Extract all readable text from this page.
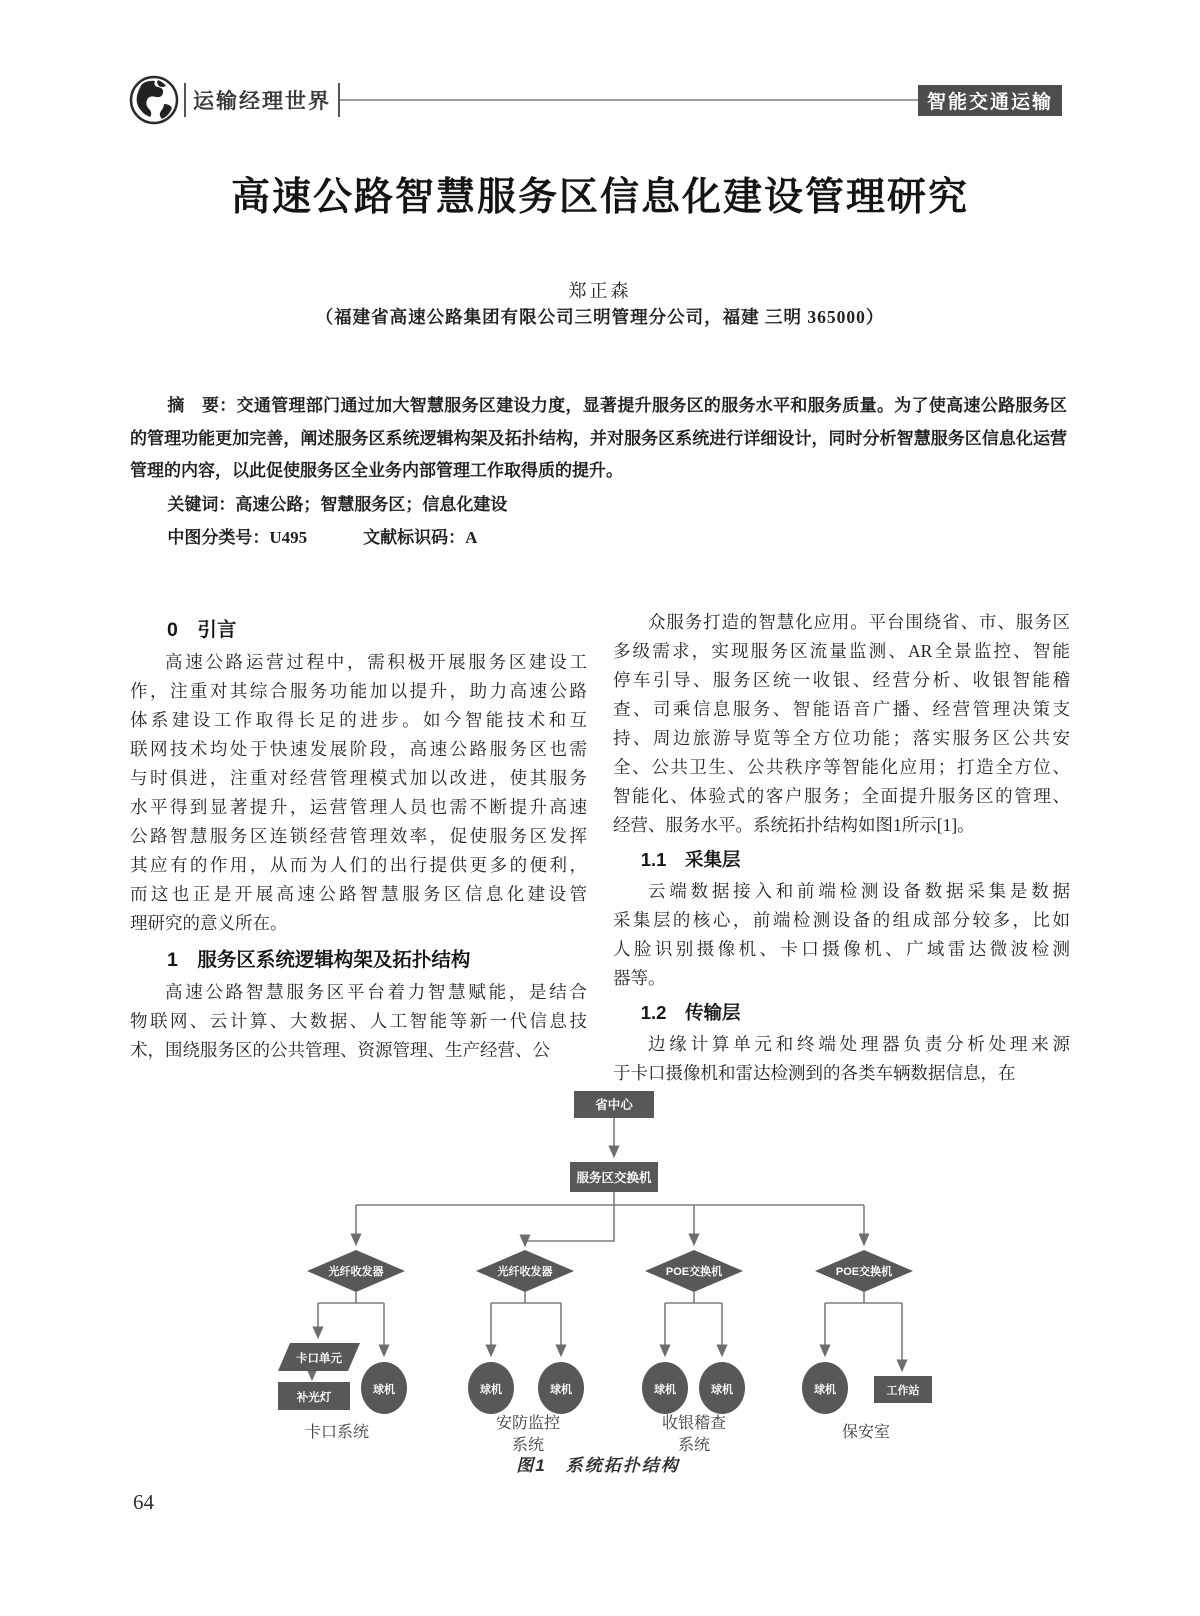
运输经理世界	智能交通运输
高速公路智慧服务区信息化建设管理研究
郑正森
（福建省高速公路集团有限公司三明管理分公司，福建 三明 365000）

摘　要：交通管理部门通过加大智慧服务区建设力度，显著提升服务区的服务水平和服务质量。为了使高速公路服务区的管理功能更加完善，阐述服务区系统逻辑构架及拓扑结构，并对服务区系统进行详细设计，同时分析智慧服务区信息化运营管理的内容，以此促使服务区全业务内部管理工作取得质的提升。

关键词：高速公路；智慧服务区；信息化建设

中图分类号：U495	文献标识码：A

0　引言
高速公路运营过程中，需积极开展服务区建设工
作，注重对其综合服务功能加以提升，助力高速公路
体系建设工作取得长足的进步。如今智能技术和互
联网技术均处于快速发展阶段，高速公路服务区也需
与时俱进，注重对经营管理模式加以改进，使其服务
水平得到显著提升，运营管理人员也需不断提升高速
公路智慧服务区连锁经营管理效率，促使服务区发挥
其应有的作用，从而为人们的出行提供更多的便利，
而这也正是开展高速公路智慧服务区信息化建设管
理研究的意义所在。
1　服务区系统逻辑构架及拓扑结构
高速公路智慧服务区平台着力智慧赋能，是结合
物联网、云计算、大数据、人工智能等新一代信息技
术，围绕服务区的公共管理、资源管理、生产经营、公
众服务打造的智慧化应用。平台围绕省、市、服务区
多级需求，实现服务区流量监测、AR全景监控、智能
停车引导、服务区统一收银、经营分析、收银智能稽
查、司乘信息服务、智能语音广播、经营管理决策支
持、周边旅游导览等全方位功能；落实服务区公共安
全、公共卫生、公共秩序等智能化应用；打造全方位、
智能化、体验式的客户服务；全面提升服务区的管理、
经营、服务水平。系统拓扑结构如图1所示[1]。
1.1　采集层
云端数据接入和前端检测设备数据采集是数据
采集层的核心，前端检测设备的组成部分较多，比如
人脸识别摄像机、卡口摄像机、广域雷达微波检测
器等。
1.2　传输层
边缘计算单元和终端处理器负责分析处理来源
于卡口摄像机和雷达检测到的各类车辆数据信息，在
省中心
服务区交换机
光纤收发器	光纤收发器	POE交换机	POE交换机
卡口单元
补光灯
球机	球机	球机	球机	球机	球机	工作站
卡口系统
安防监控
系统
收银稽查
系统
保安室
图1　系统拓扑结构
64
